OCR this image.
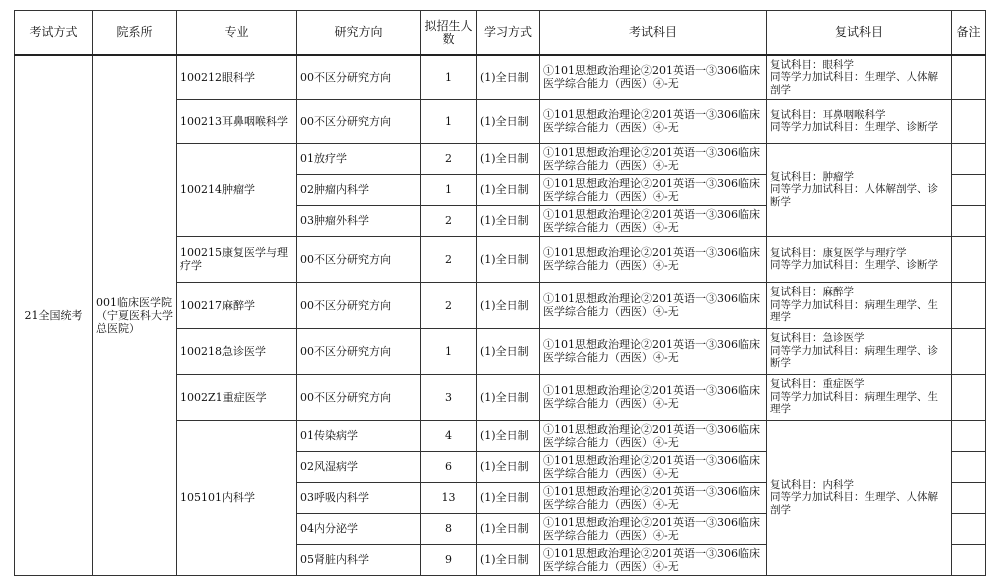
考试方式	院系所	专业	研究方向	拟招生人数	学习方式	考试科目	复试科目	备注
21全国统考	001临床医学院（宁夏医科大学总医院）	100212眼科学	00不区分研究方向	1	(1)全日制	①101思想政治理论②201英语一③306临床医学综合能力（西医）④-无	复试科目：眼科学
同等学力加试科目：生理学、人体解剖学	
		100213耳鼻咽喉科学	00不区分研究方向	1	(1)全日制	①101思想政治理论②201英语一③306临床医学综合能力（西医）④-无	复试科目：耳鼻咽喉科学
同等学力加试科目：生理学、诊断学	
		100214肿瘤学	01放疗学	2	(1)全日制	①101思想政治理论②201英语一③306临床医学综合能力（西医）④-无	复试科目：肿瘤学
同等学力加试科目：人体解剖学、诊断学	
			02肿瘤内科学	1	(1)全日制	①101思想政治理论②201英语一③306临床医学综合能力（西医）④-无		
			03肿瘤外科学	2	(1)全日制	①101思想政治理论②201英语一③306临床医学综合能力（西医）④-无		
		100215康复医学与理疗学	00不区分研究方向	2	(1)全日制	①101思想政治理论②201英语一③306临床医学综合能力（西医）④-无	复试科目：康复医学与理疗学
同等学力加试科目：生理学、诊断学	
		100217麻醉学	00不区分研究方向	2	(1)全日制	①101思想政治理论②201英语一③306临床医学综合能力（西医）④-无	复试科目：麻醉学
同等学力加试科目：病理生理学、生理学	
		100218急诊医学	00不区分研究方向	1	(1)全日制	①101思想政治理论②201英语一③306临床医学综合能力（西医）④-无	复试科目：急诊医学
同等学力加试科目：病理生理学、诊断学	
		1002Z1重症医学	00不区分研究方向	3	(1)全日制	①101思想政治理论②201英语一③306临床医学综合能力（西医）④-无	复试科目：重症医学
同等学力加试科目：病理生理学、生理学	
		105101内科学	01传染病学	4	(1)全日制	①101思想政治理论②201英语一③306临床医学综合能力（西医）④-无	复试科目：内科学
同等学力加试科目：生理学、人体解剖学	
			02风湿病学	6	(1)全日制	①101思想政治理论②201英语一③306临床医学综合能力（西医）④-无		
			03呼吸内科学	13	(1)全日制	①101思想政治理论②201英语一③306临床医学综合能力（西医）④-无		
			04内分泌学	8	(1)全日制	①101思想政治理论②201英语一③306临床医学综合能力（西医）④-无		
			05肾脏内科学	9	(1)全日制	①101思想政治理论②201英语一③306临床医学综合能力（西医）④-无		
